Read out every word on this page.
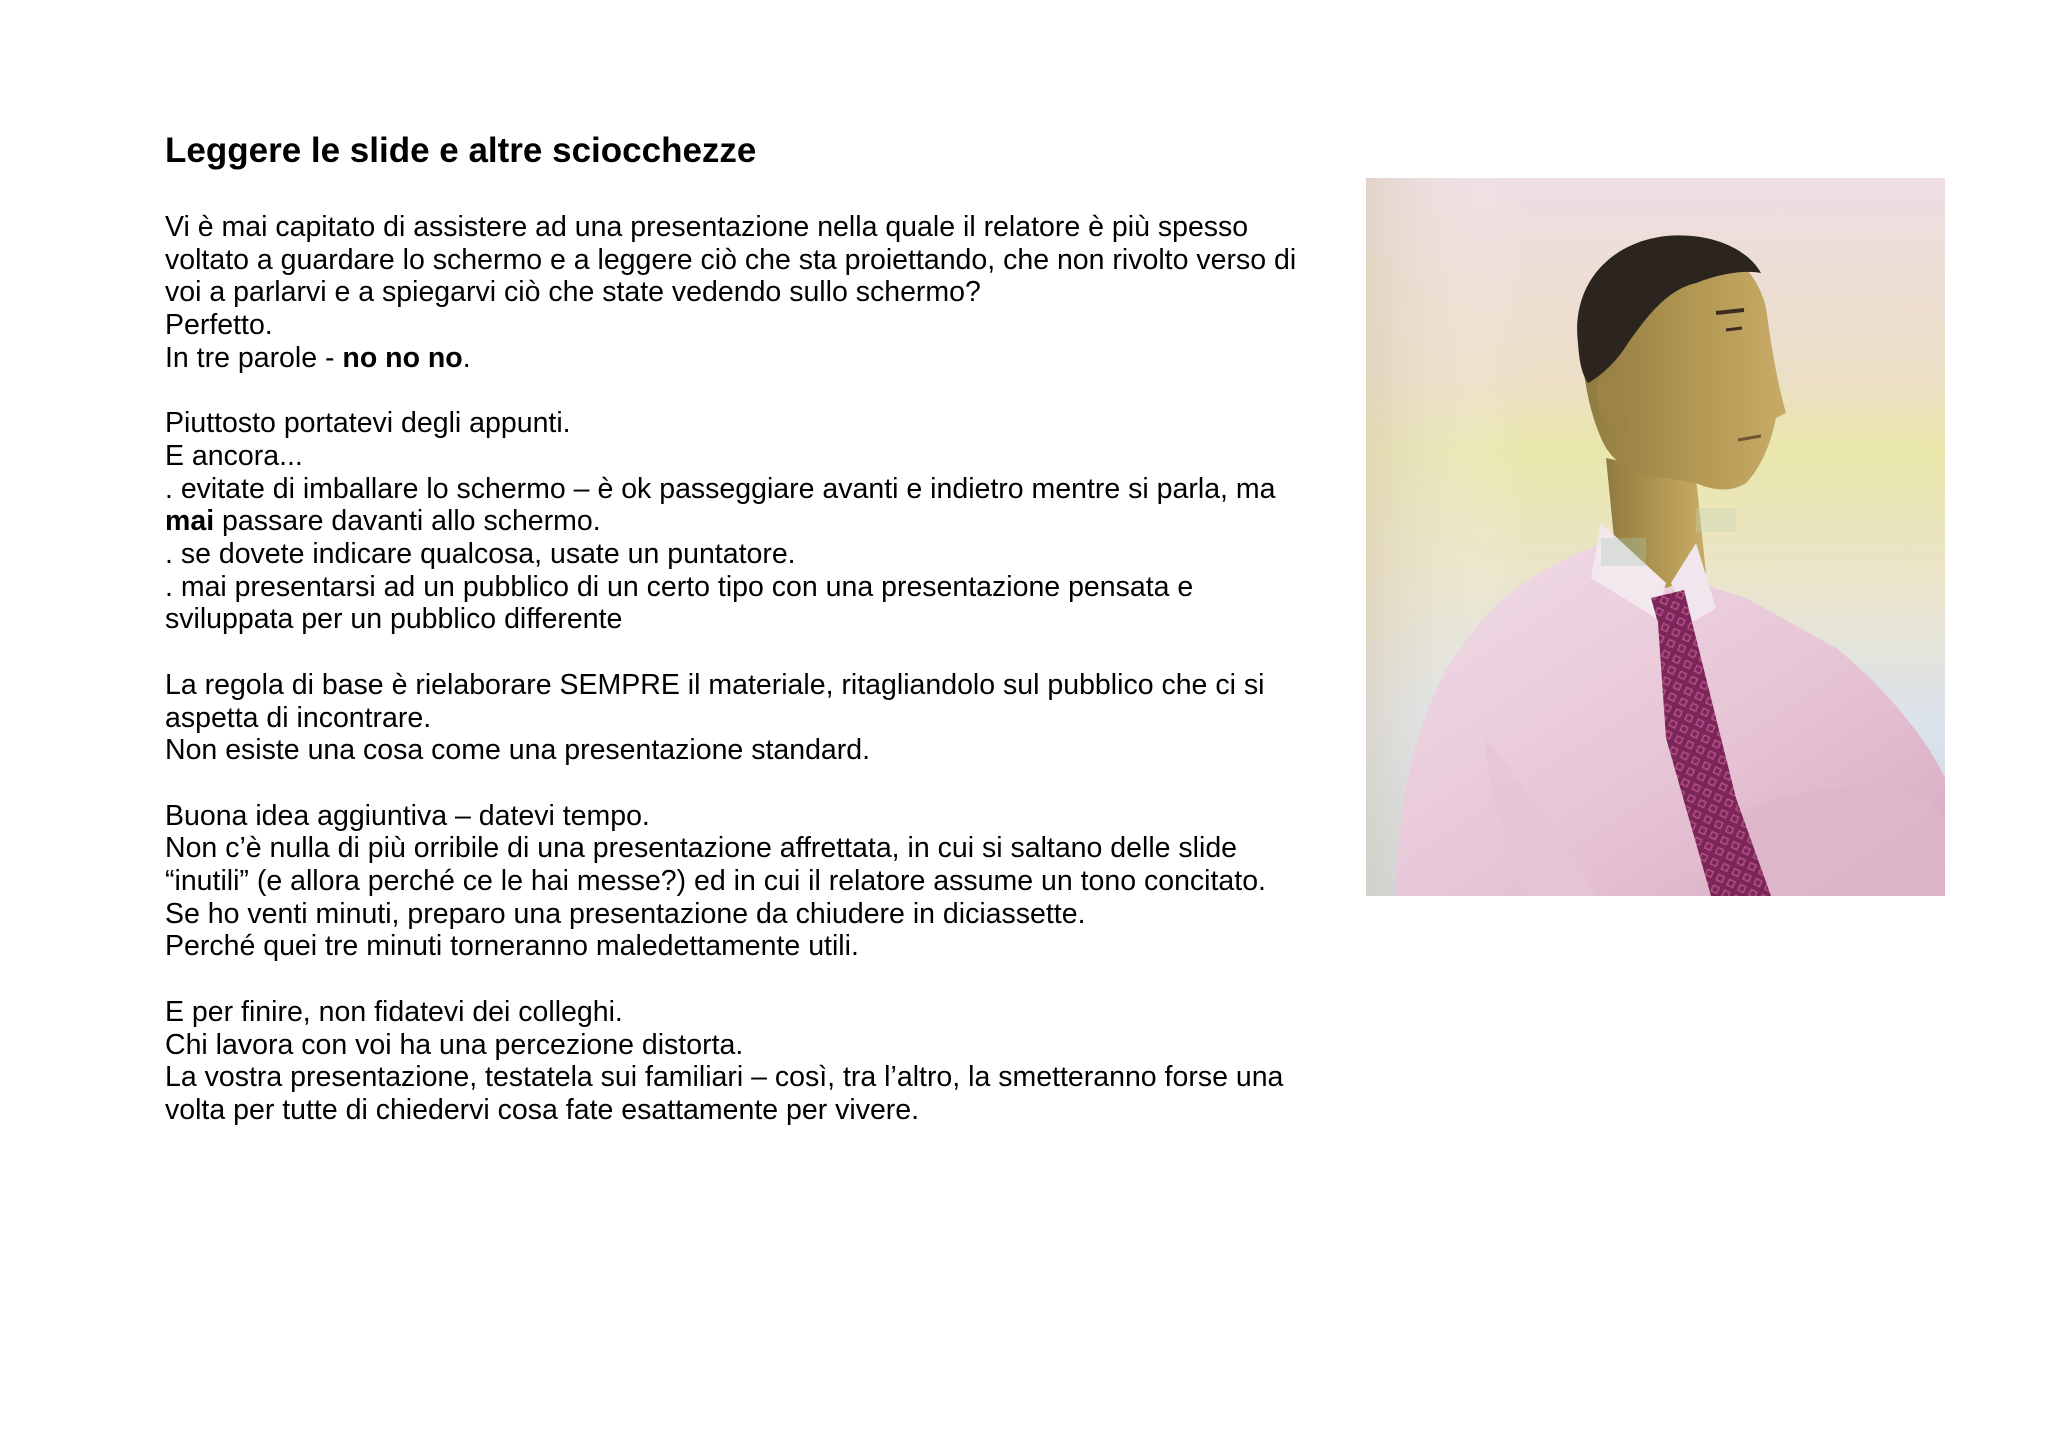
Leggere le slide e altre sciocchezze
Vi è mai capitato di assistere ad una presentazione nella quale il relatore è più spesso
voltato a guardare lo schermo e a leggere ciò che sta proiettando, che non rivolto verso di
voi a parlarvi e a spiegarvi ciò che state vedendo sullo schermo?
Perfetto.
In tre parole - no no no.
Piuttosto portatevi degli appunti.
E ancora...
. evitate di imballare lo schermo – è ok passeggiare avanti e indietro mentre si parla, ma
mai passare davanti allo schermo.
. se dovete indicare qualcosa, usate un puntatore.
. mai presentarsi ad un pubblico di un certo tipo con una presentazione pensata e
sviluppata per un pubblico differente
La regola di base è rielaborare SEMPRE il materiale, ritagliandolo sul pubblico che ci si
aspetta di incontrare.
Non esiste una cosa come una presentazione standard.
Buona idea aggiuntiva – datevi tempo.
Non c’è nulla di più orribile di una presentazione affrettata, in cui si saltano delle slide
“inutili” (e allora perché ce le hai messe?) ed in cui il relatore assume un tono concitato.
Se ho venti minuti, preparo una presentazione da chiudere in diciassette.
Perché quei tre minuti torneranno maledettamente utili.
E per finire, non fidatevi dei colleghi.
Chi lavora con voi ha una percezione distorta.
La vostra presentazione, testatela sui familiari – così, tra l’altro, la smetteranno forse una
volta per tutte di chiedervi cosa fate esattamente per vivere.
